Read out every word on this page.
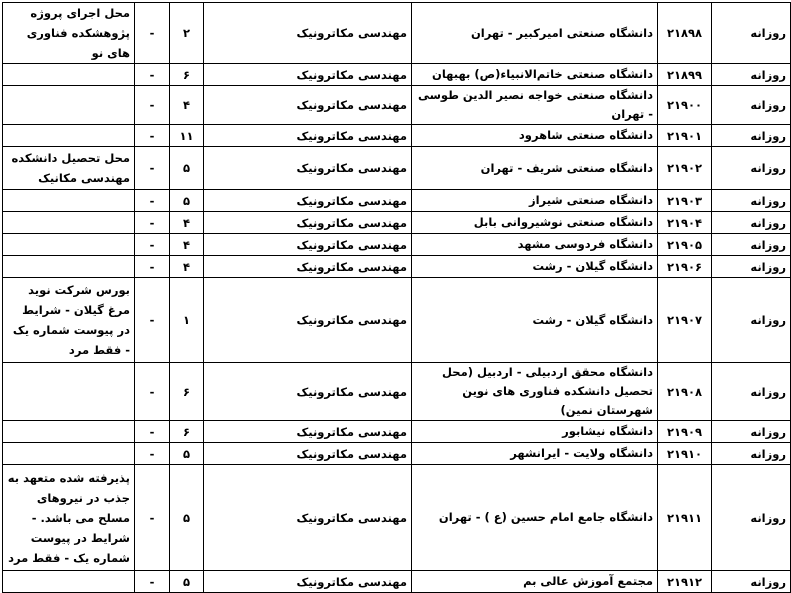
روزانه	۲۱۸۹۸	دانشگاه صنعتی امیرکبیر - تهران	مهندسی مکاترونیک	۲	-	محل اجرای پروژه پژوهشکده فناوری های نو
روزانه	۲۱۸۹۹	دانشگاه صنعتی خاتم‌الانبیاء(ص) بهبهان	مهندسی مکاترونیک	۶	-	
روزانه	۲۱۹۰۰	دانشگاه صنعتی خواجه نصیر الدین طوسی - تهران	مهندسی مکاترونیک	۴	-	
روزانه	۲۱۹۰۱	دانشگاه صنعتی شاهرود	مهندسی مکاترونیک	۱۱	-	
روزانه	۲۱۹۰۲	دانشگاه صنعتی شریف - تهران	مهندسی مکاترونیک	۵	-	محل تحصیل دانشکده مهندسی مکانیک
روزانه	۲۱۹۰۳	دانشگاه صنعتی شیراز	مهندسی مکاترونیک	۵	-	
روزانه	۲۱۹۰۴	دانشگاه صنعتی نوشیروانی بابل	مهندسی مکاترونیک	۴	-	
روزانه	۲۱۹۰۵	دانشگاه فردوسی مشهد	مهندسی مکاترونیک	۴	-	
روزانه	۲۱۹۰۶	دانشگاه گیلان - رشت	مهندسی مکاترونیک	۴	-	
روزانه	۲۱۹۰۷	دانشگاه گیلان - رشت	مهندسی مکاترونیک	۱	-	بورس شرکت نوید مرغ گیلان - شرایط در پیوست شماره یک - فقط مرد
روزانه	۲۱۹۰۸	دانشگاه محقق اردبیلی - اردبیل (محل تحصیل دانشکده فناوری های نوین شهرستان نمین)	مهندسی مکاترونیک	۶	-	
روزانه	۲۱۹۰۹	دانشگاه نیشابور	مهندسی مکاترونیک	۶	-	
روزانه	۲۱۹۱۰	دانشگاه ولایت - ایرانشهر	مهندسی مکاترونیک	۵	-	
روزانه	۲۱۹۱۱	دانشگاه جامع امام حسین (ع ) - تهران	مهندسی مکاترونیک	۵	-	پذیرفته شده متعهد به جذب در نیروهای مسلح می باشد. - شرایط در پیوست شماره یک - فقط مرد
روزانه	۲۱۹۱۲	مجتمع آموزش عالی بم	مهندسی مکاترونیک	۵	-	
